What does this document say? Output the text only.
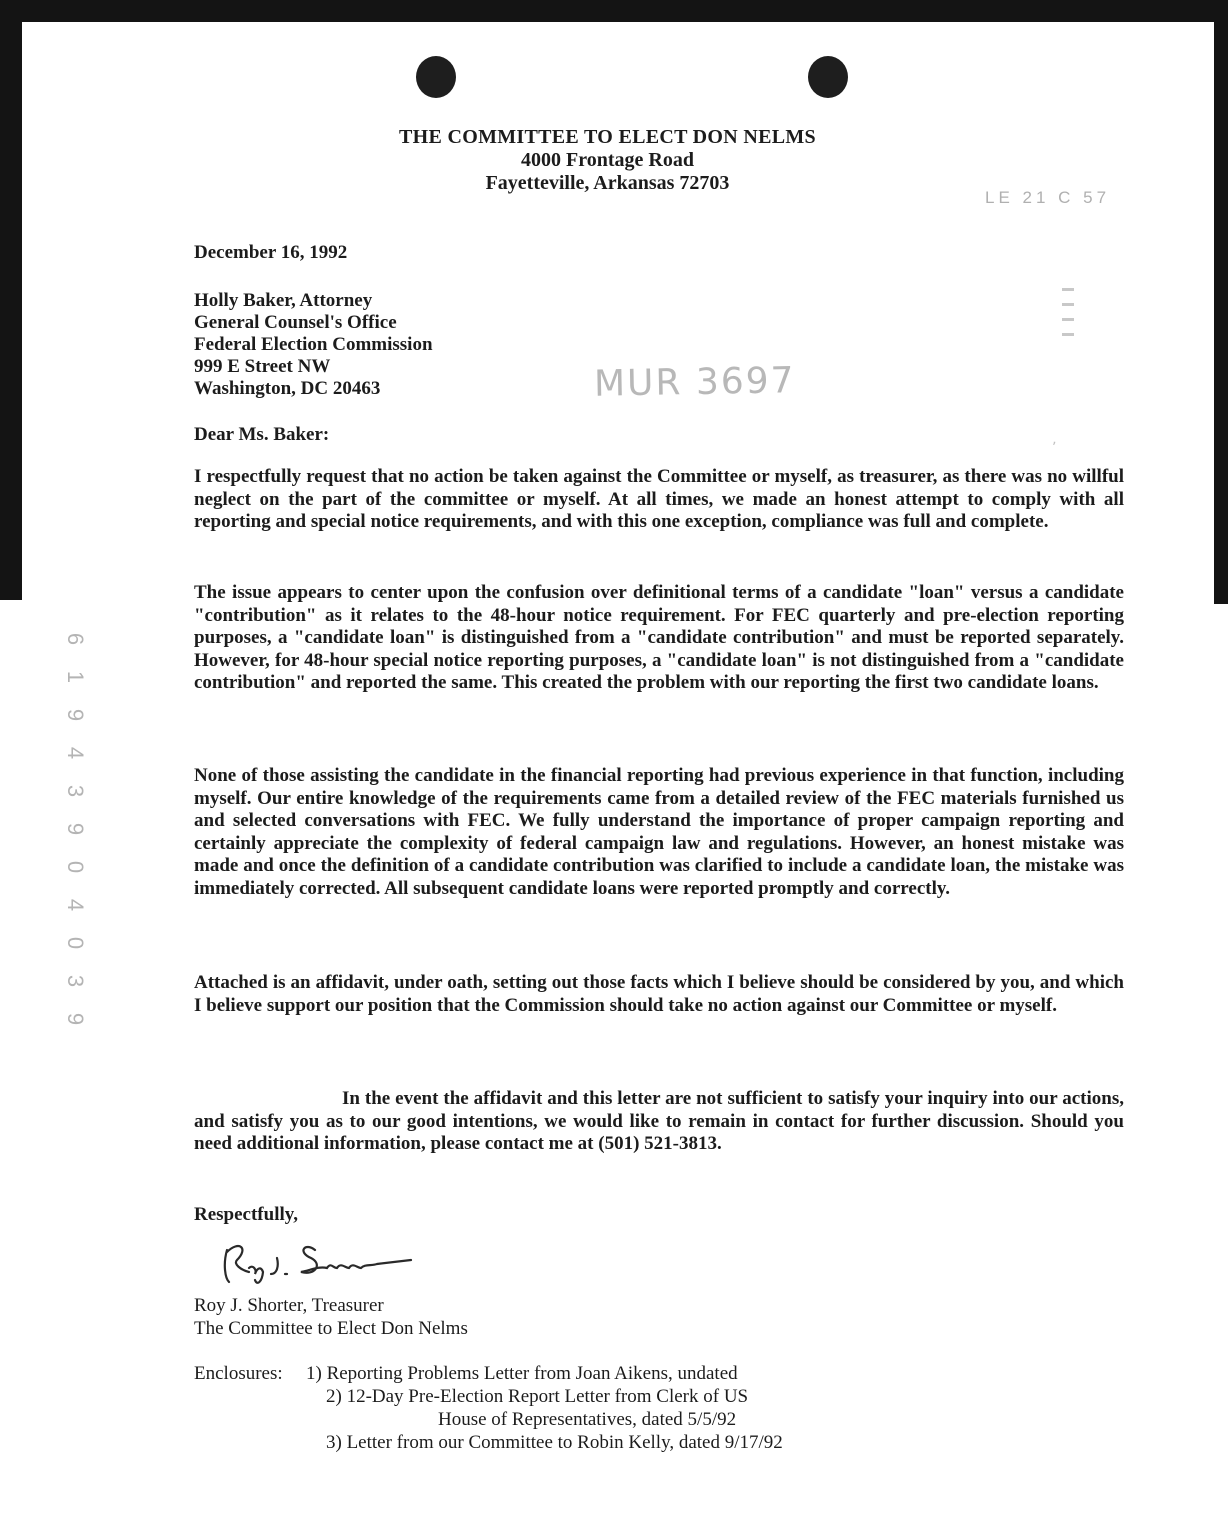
THE COMMITTEE TO ELECT DON NELMS
4000 Frontage Road
Fayetteville, Arkansas 72703
LE 21 C 57
December 16, 1992
Holly Baker, Attorney
General Counsel's Office
Federal Election Commission
999 E Street NW
Washington, DC 20463	MUR 3697
Dear Ms. Baker:
ʼ
I respectfully request that no action be taken against the Committee or myself, as treasurer, as there was no willful neglect on the part of the committee or myself. At all times, we made an honest attempt to comply with all reporting and special notice requirements, and with this one exception, compliance was full and complete.
The issue appears to center upon the confusion over definitional terms of a candidate "loan" versus a candidate "contribution" as it relates to the 48-hour notice requirement. For FEC quarterly and pre-election reporting purposes, a "candidate loan" is distinguished from a "candidate contribution" and must be reported separately. However, for 48-hour special notice reporting purposes, a "candidate loan" is not distinguished from a "candidate contribution" and reported the same. This created the problem with our reporting the first two candidate loans.
None of those assisting the candidate in the financial reporting had previous experience in that function, including myself. Our entire knowledge of the requirements came from a detailed review of the FEC materials furnished us and selected conversations with FEC. We fully understand the importance of proper campaign reporting and certainly appreciate the complexity of federal campaign law and regulations. However, an honest mistake was made and once the definition of a candidate contribution was clarified to include a candidate loan, the mistake was immediately corrected. All subsequent candidate loans were reported promptly and correctly.
Attached is an affidavit, under oath, setting out those facts which I believe should be considered by you, and which I believe support our position that the Commission should take no action against our Committee or myself.
In the event the affidavit and this letter are not sufficient to satisfy your inquiry into our actions, and satisfy you as to our good intentions, we would like to remain in contact for further discussion. Should you need additional information, please contact me at (501) 521-3813.
Respectfully,
Roy J. Shorter, Treasurer
The Committee to Elect Don Nelms
Enclosures: 1) Reporting Problems Letter from Joan Aikens, undated
2) 12-Day Pre-Election Report Letter from Clerk of US
House of Representatives, dated 5/5/92
3) Letter from our Committee to Robin Kelly, dated 9/17/92
6
1
9
4
3
9
0
4
0
3
9
